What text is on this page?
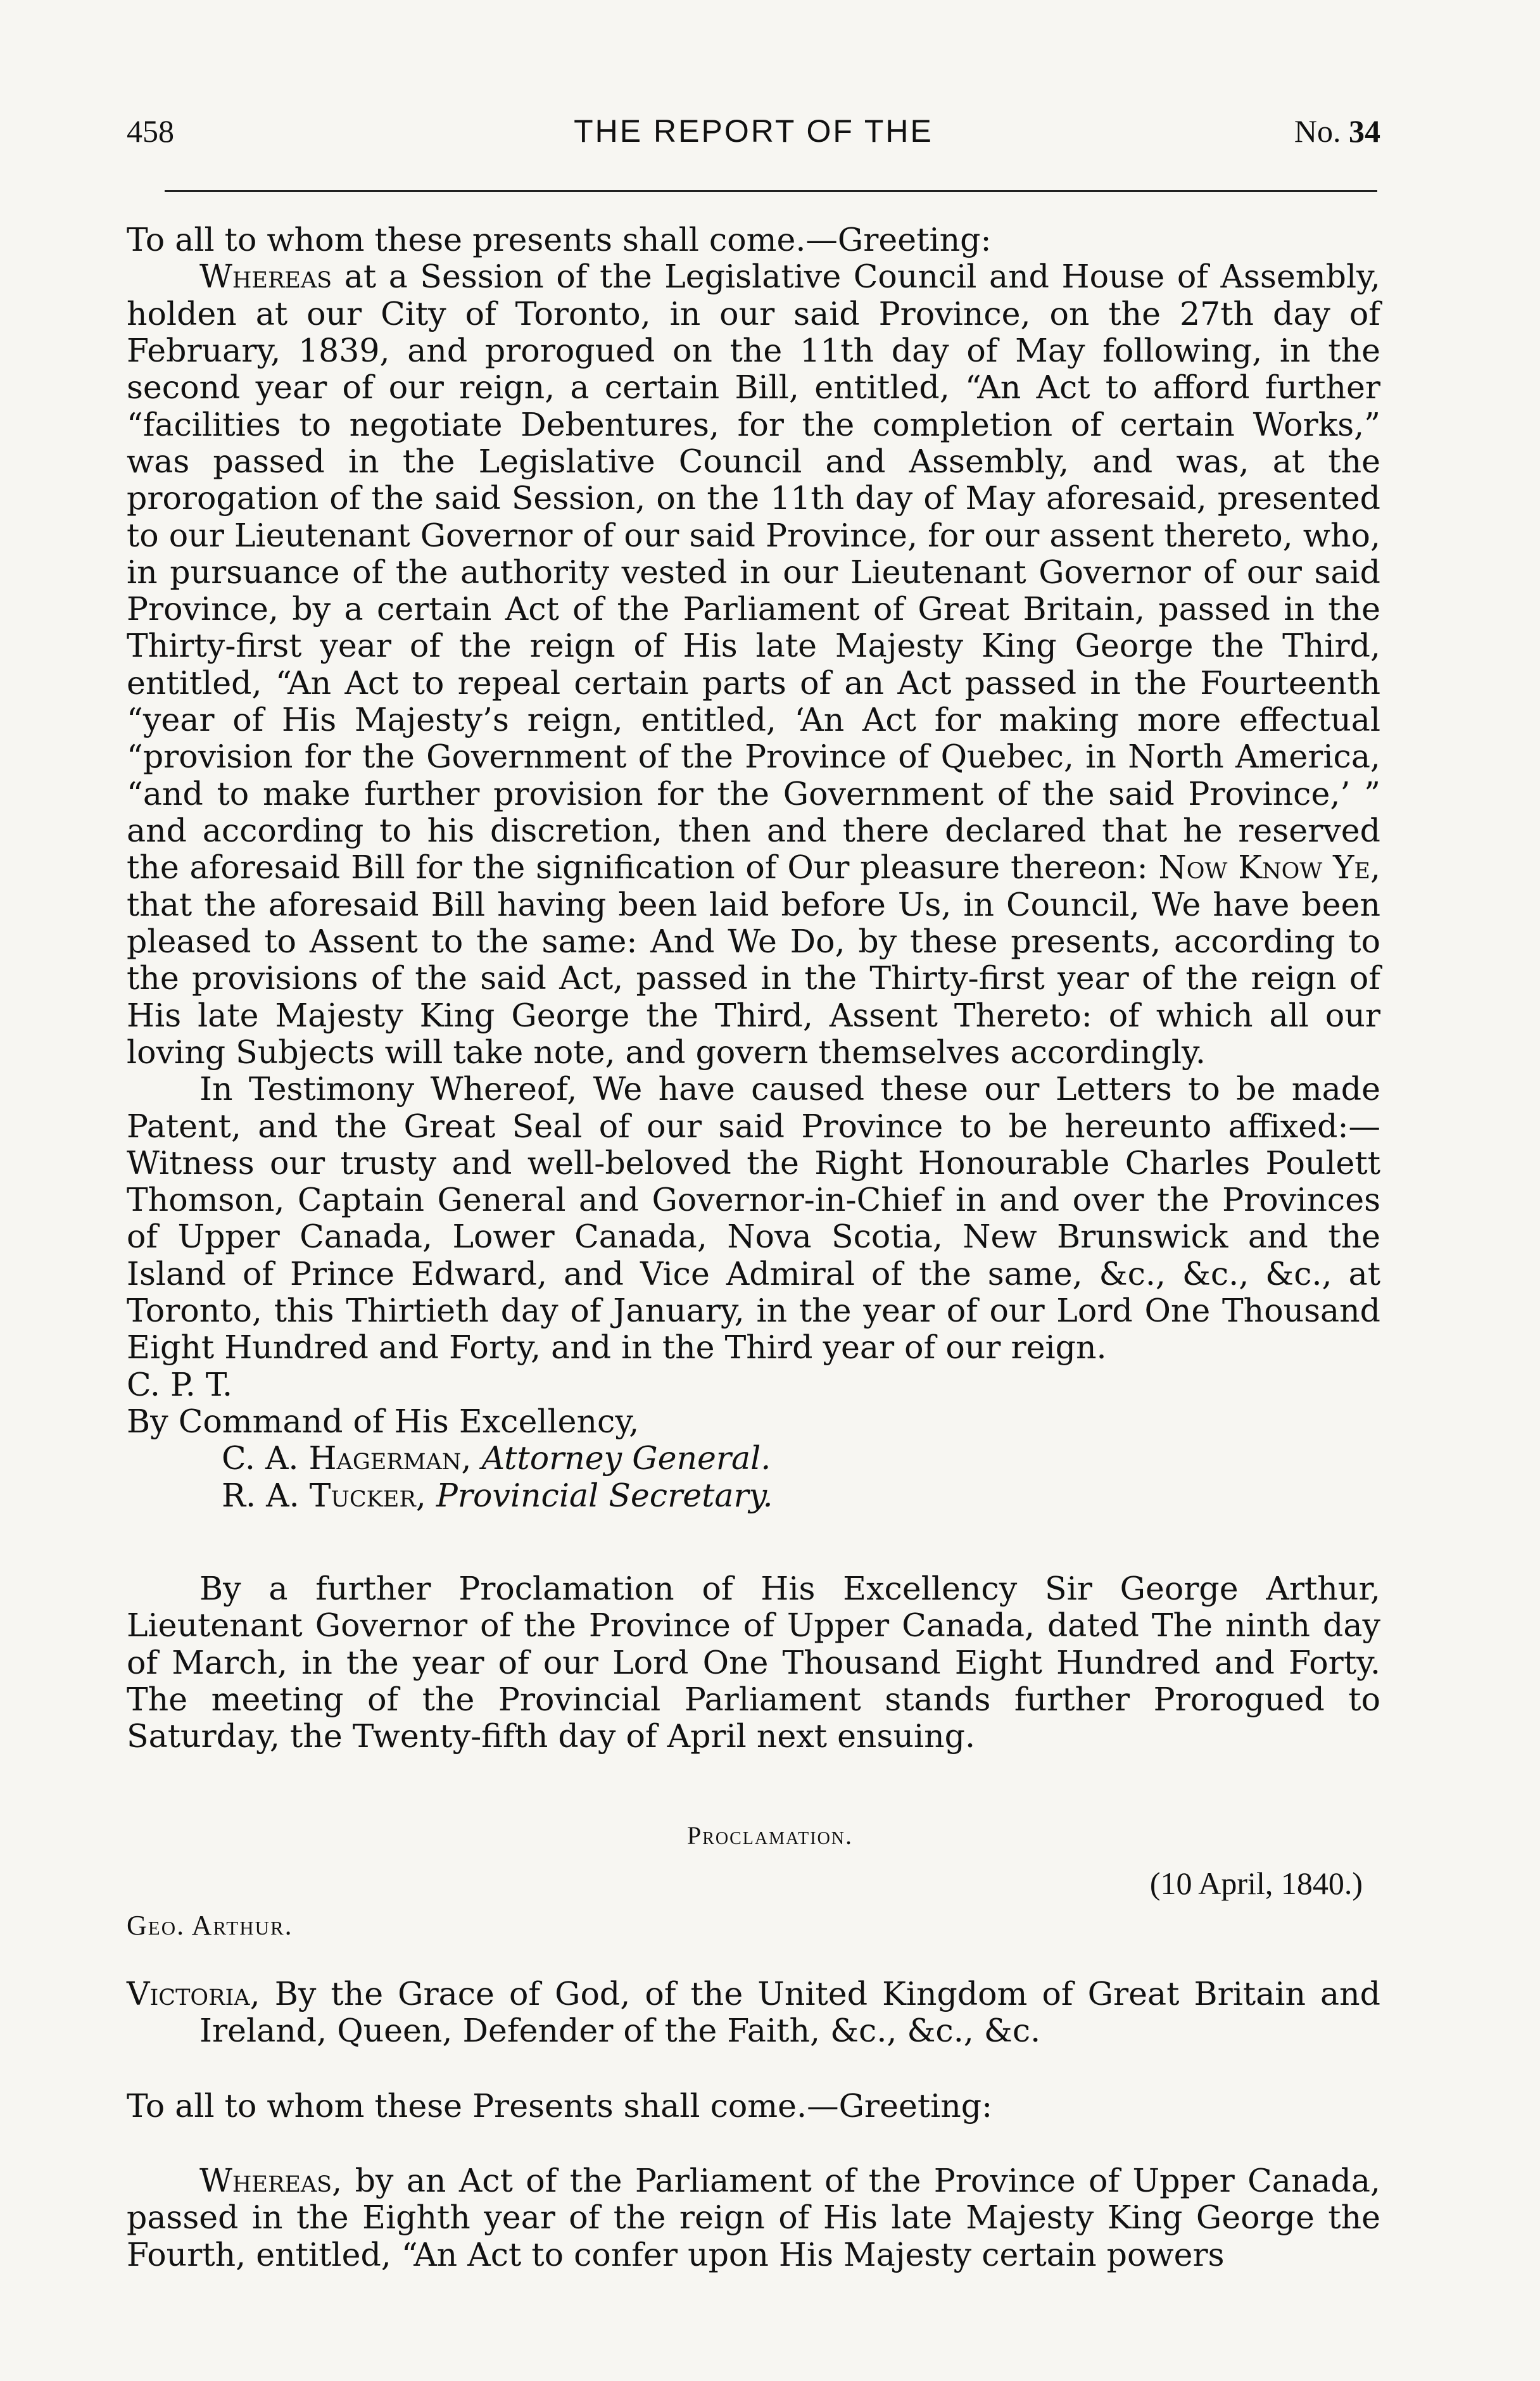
458	THE REPORT OF THE	No. 34

To all to whom these presents shall come.—Greeting:

Whereas at a Session of the Legislative Council and House of Assembly, holden at our City of Toronto, in our said Province, on the 27th day of February, 1839, and prorogued on the 11th day of May following, in the second year of our reign, a certain Bill, entitled, “An Act to afford further “facilities to negotiate Debentures, for the completion of certain Works,” was passed in the Legislative Council and Assembly, and was, at the prorogation of the said Session, on the 11th day of May aforesaid, presented to our Lieutenant Governor of our said Province, for our assent thereto, who, in pursuance of the authority vested in our Lieutenant Governor of our said Province, by a certain Act of the Parliament of Great Britain, passed in the Thirty-first year of the reign of His late Majesty King George the Third, entitled, “An Act to repeal certain parts of an Act passed in the Fourteenth “year of His Majesty’s reign, entitled, ‘An Act for making more effectual “provision for the Government of the Province of Quebec, in North America, “and to make further provision for the Government of the said Province,’ ” and according to his discretion, then and there declared that he reserved the aforesaid Bill for the signification of Our pleasure thereon: Now Know Ye, that the aforesaid Bill having been laid before Us, in Council, We have been pleased to Assent to the same: And We Do, by these presents, according to the provisions of the said Act, passed in the Thirty-first year of the reign of His late Majesty King George the Third, Assent Thereto: of which all our loving Subjects will take note, and govern themselves accordingly.

In Testimony Whereof, We have caused these our Letters to be made Patent, and the Great Seal of our said Province to be hereunto affixed:— Witness our trusty and well-beloved the Right Honourable Charles Poulett Thomson, Captain General and Governor-in-Chief in and over the Provinces of Upper Canada, Lower Canada, Nova Scotia, New Brunswick and the Island of Prince Edward, and Vice Admiral of the same, &c., &c., &c., at Toronto, this Thirtieth day of January, in the year of our Lord One Thousand Eight Hundred and Forty, and in the Third year of our reign.

C. P. T.

By Command of His Excellency,

C. A. Hagerman, Attorney General.

R. A. Tucker, Provincial Secretary.

By a further Proclamation of His Excellency Sir George Arthur, Lieutenant Governor of the Province of Upper Canada, dated The ninth day of March, in the year of our Lord One Thousand Eight Hundred and Forty. The meeting of the Provincial Parliament stands further Prorogued to Saturday, the Twenty-fifth day of April next ensuing.

Proclamation.
(10 April, 1840.)
Geo. Arthur.

Victoria, By the Grace of God, of the United Kingdom of Great Britain and Ireland, Queen, Defender of the Faith, &c., &c., &c.

To all to whom these Presents shall come.—Greeting:

Whereas, by an Act of the Parliament of the Province of Upper Canada, passed in the Eighth year of the reign of His late Majesty King George the Fourth, entitled, “An Act to confer upon His Majesty certain powers
